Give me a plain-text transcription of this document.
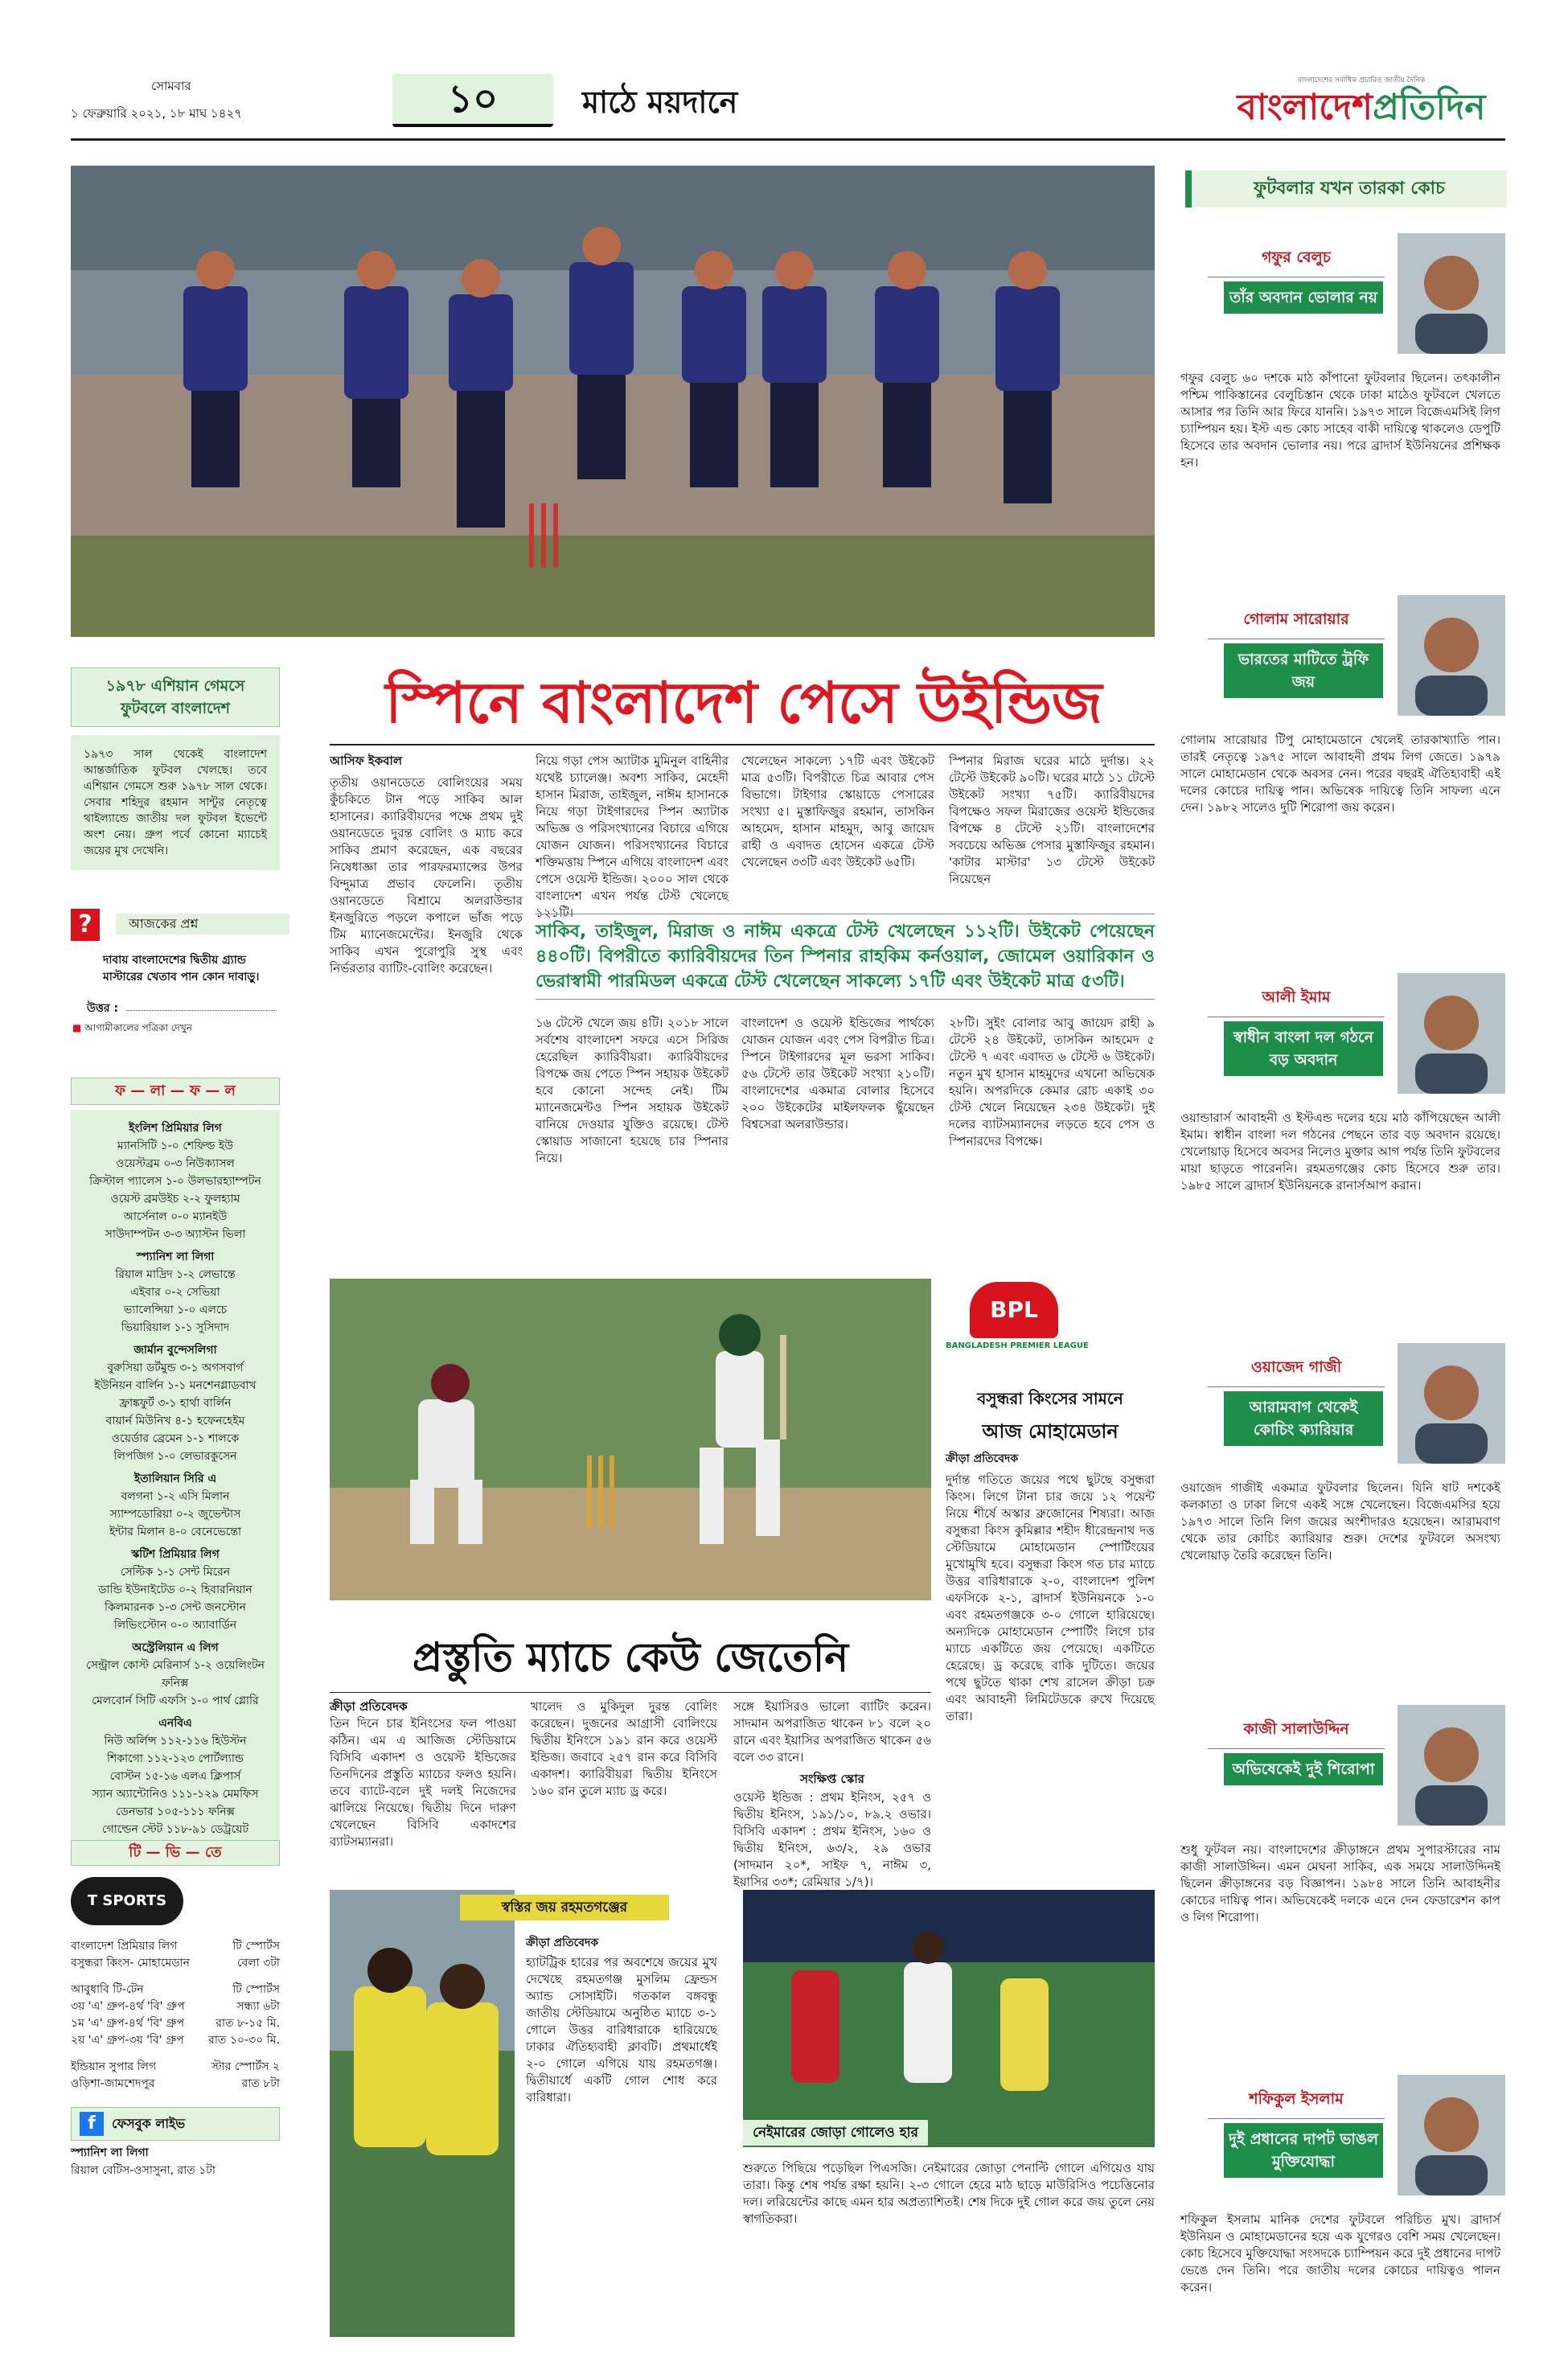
সোমবার
১ ফেব্রুয়ারি ২০২১, ১৮ মাঘ ১৪২৭	১০	মাঠে ময়দানে
বাংলাদেশের সর্বাধিক প্রচারিত জাতীয় দৈনিক
বাংলাদেশপ্রতিদিন
১৯৭৮ এশিয়ান গেমসে
ফুটবলে বাংলাদেশ
১৯৭৩ সাল থেকেই বাংলাদেশ আন্তর্জাতিক ফুটবল খেলছে। তবে এশিয়ান গেমসে শুরু ১৯৭৮ সাল থেকে। সেবার শহিদুর রহমান সান্টুর নেতৃত্বে থাইল্যান্ডে জাতীয় দল ফুটবল ইভেন্টে অংশ নেয়। গ্রুপ পর্বে কোনো ম্যাচেই জয়ের মুখ দেখেনি।
?	আজকের প্রশ্ন
দাবায় বাংলাদেশের দ্বিতীয় গ্র্যান্ড মাস্টারের খেতাব পান কোন দাবাড়ু।
উত্তর :
■ আগামীকালের পত্রিকা দেখুন
ফ — লা — ফ — ল
ইংলিশ প্রিমিয়ার লিগ
ম্যানসিটি ১-০ শেফিল্ড ইউ
ওয়েস্টব্রম ০-৩ নিউক্যাসল
ক্রিস্টাল প্যালেস ১-০ উলভারহ্যাম্পটন
ওয়েস্ট ব্রমউইচ ২-২ ফুলহ্যাম
আর্সেনাল ০-০ ম্যানইউ
সাউদাম্পটন ৩-৩ অ্যাস্টন ভিলা
স্প্যানিশ লা লিগা
রিয়াল মাদ্রিদ ১-২ লেভান্তে
এইবার ০-২ সেভিয়া
ভ্যালেন্সিয়া ১-০ এলচে
ভিয়ারিয়াল ১-১ সুসিদাদ
জার্মান বুন্দেসলিগা
বুরুসিয়া ডর্টমুন্ড ৩-১ অগসবার্গ
ইউনিয়ন বার্লিন ১-১ মনশেনগ্লাডবাখ
ফ্রাঙ্কফুর্ট ৩-১ হার্থা বার্লিন
বায়ার্ন মিউনিখ ৪-১ হফেনহেইম
ওয়ের্ডার ব্রেমেন ১-১ শালকে
লিপজিগ ১-০ লেভারকুসেন
ইতালিয়ান সিরি এ
বলগনা ১-২ এসি মিলান
স্যাম্পডোরিয়া ০-২ জুভেন্টাস
ইন্টার মিলান ৪-০ বেনেভেন্তো
স্কটিশ প্রিমিয়ার লিগ
সেল্টিক ১-১ সেন্ট মিরেন
ডান্ডি ইউনাইটেড ০-২ হিবারনিয়ান
কিলমারনক ১-৩ সেন্ট জনস্টোন
লিভিংস্টোন ০-০ অ্যাবার্ডিন
অস্ট্রেলিয়ান এ লিগ
সেন্ট্রাল কোস্ট মেরিনার্স ১-২ ওয়েলিংটন ফনিক্স
মেলবোর্ন সিটি এফসি ১-০ পার্থ গ্লোরি
এনবিএ
নিউ অর্লিন্স ১১২-১১৬ হিউস্টন
শিকাগো ১১২-১২৩ পোর্টল্যান্ড
বোস্টন ১৫-১৬ এলএ ক্লিপার্স
স্যান অ্যান্টোনিও ১১১-১২৯ মেমফিস
ডেনভার ১০৫-১১১ ফনিক্স
গোল্ডেন স্টেট ১১৮-৯১ ডেট্রয়েট
টি — ভি — তে
T SPORTS
বাংলাদেশ প্রিমিয়ার লিগ	টি স্পোর্টস
বসুন্ধরা কিংস- মোহামেডান	বেলা ৩টা
আবুধাবি টি-টেন	টি স্পোর্টস
৩য় 'এ' গ্রুপ-৪র্থ 'বি' গ্রুপ	সন্ধ্যা ৬টা
১ম 'এ' গ্রুপ-৪র্থ 'বি' গ্রুপ	রাত ৮-১৫ মি.
২য় 'এ' গ্রুপ-৩য় 'বি' গ্রুপ রাত ১০-৩০ মি.
ইন্ডিয়ান সুপার লিগ	স্টার স্পোর্টস ২
ওড়িশা-জামশেদপুর	রাত ৮টা
f	ফেসবুক লাইভ
স্প্যানিশ লা লিগা
রিয়াল বেটিস-ওসাসুনা, রাত ১টা
স্পিনে বাংলাদেশ পেসে উইন্ডিজ
আসিফ ইকবাল
তৃতীয় ওয়ানডেতে বোলিংয়ের সময় কুঁচকিতে টান পড়ে সাকিব আল হাসানের। ক্যারিবীয়দের পক্ষে প্রথম দুই ওয়ানডেতে দুরন্ত বোলিং ও ম্যাচ করে সাকিব প্রমাণ করেছেন, এক বছরের নিষেধাজ্ঞা তার পারফরম্যান্সের উপর বিন্দুমাত্র প্রভাব ফেলেনি। তৃতীয় ওয়ানডেতে বিশ্রামে অলরাউন্ডার ইনজুরিতে পড়লে কপালে ভাঁজ পড়ে টিম ম্যানেজমেন্টের। ইনজুরি থেকে সাকিব এখন পুরোপুরি সুস্থ এবং নির্ভরতার ব্যাটিং-বোলিং করেছেন।
নিয়ে গড়া পেস অ্যাটাক মুমিনুল বাহিনীর যথেষ্ট চ্যালেঞ্জ। অবশ্য সাকিব, মেহেদী হাসান মিরাজ, তাইজুল, নাঈম হাসানকে নিয়ে গড়া টাইগারদের স্পিন অ্যাটাক অভিজ্ঞ ও পরিসংখ্যানের বিচারে এগিয়ে যোজন যোজন। পরিসংখ্যানের বিচারে শক্তিমত্তায় স্পিনে এগিয়ে বাংলাদেশ এবং পেসে ওয়েস্ট ইন্ডিজ। ২০০০ সাল থেকে বাংলাদেশ এখন পর্যন্ত টেস্ট খেলেছে ১২১টি।
খেলেছেন সাকল্যে ১৭টি এবং উইকেট মাত্র ৫৩টি। বিপরীতে চিত্র আবার পেস বিভাগে। টাইগার স্কোয়াডে পেসারের সংখ্যা ৫। মুস্তাফিজুর রহমান, তাসকিন আহমেদ, হাসান মাহমুদ, আবু জায়েদ রাহী ও এবাদত হোসেন একত্রে টেস্ট খেলেছেন ৩৩টি এবং উইকেট ৬৫টি।
স্পিনার মিরাজ ঘরের মাঠে দুর্দান্ত। ২২ টেস্টে উইকেট ৯০টি। ঘরের মাঠে ১১ টেস্টে উইকেট সংখ্যা ৭৫টি। ক্যারিবীয়দের বিপক্ষেও সফল মিরাজের ওয়েস্ট ইন্ডিজের বিপক্ষে ৪ টেস্টে ২১টি। বাংলাদেশের সবচেয়ে অভিজ্ঞ পেসার মুস্তাফিজুর রহমান। 'কাটার মাস্টার' ১৩ টেস্টে উইকেট নিয়েছেন
সাকিব, তাইজুল, মিরাজ ও নাঈম একত্রে টেস্ট খেলেছেন ১১২টি। উইকেট পেয়েছেন ৪৪০টি। বিপরীতে ক্যারিবীয়দের তিন স্পিনার রাহকিম কর্নওয়াল, জোমেল ওয়ারিকান ও ভেরাস্বামী পারমিডল একত্রে টেস্ট খেলেছেন সাকল্যে ১৭টি এবং উইকেট মাত্র ৫৩টি।
১৬ টেস্টে খেলে জয় ৪টি। ২০১৮ সালে সর্বশেষ বাংলাদেশ সফরে এসে সিরিজ হেরেছিল ক্যারিবীয়রা। ক্যারিবীয়দের বিপক্ষে জয় পেতে স্পিন সহায়ক উইকেট হবে কোনো সন্দেহ নেই। টিম ম্যানেজমেন্টও স্পিন সহায়ক উইকেট বানিয়ে দেওয়ার যুক্তিও রয়েছে। টেস্ট স্কোয়াড সাজানো হয়েছে চার স্পিনার নিয়ে।
বাংলাদেশ ও ওয়েস্ট ইন্ডিজের পার্থক্যে যোজন যোজন এবং পেস বিপরীত চিত্র। স্পিনে টাইগারদের মূল ভরসা সাকিব। ৫৬ টেস্টে তার উইকেট সংখ্যা ২১০টি। বাংলাদেশের একমাত্র বোলার হিসেবে ২০০ উইকেটের মাইলফলক ছুঁয়েছেন বিশ্বসেরা অলরাউন্ডার।
২৮টি। সুইং বোলার আবু জায়েদ রাহী ৯ টেস্টে ২৪ উইকেট, তাসকিন আহমেদ ৫ টেস্টে ৭ এবং এবাদত ৬ টেস্টে ৬ উইকেট। নতুন মুখ হাসান মাহমুদের এখনো অভিষেক হয়নি। অপরদিকে কেমার রোচ একাই ৩০ টেস্ট খেলে নিয়েছেন ২৩৪ উইকেট। দুই দলের ব্যাটসম্যানদের লড়তে হবে পেস ও স্পিনারদের বিপক্ষে।
BPL
BANGLADESH PREMIER LEAGUE
বসুন্ধরা কিংসের সামনে
আজ মোহামেডান
ক্রীড়া প্রতিবেদক
দুর্দান্ত গতিতে জয়ের পথে ছুটছে বসুন্ধরা কিংস। লিগে টানা চার জয়ে ১২ পয়েন্ট নিয়ে শীর্ষে অস্কার ব্রুজোনের শিষ্যরা। আজ বসুন্ধরা কিংস কুমিল্লার শহীদ ধীরেন্দ্রনাথ দত্ত স্টেডিয়ামে মোহামেডান স্পোর্টিংয়ের মুখোমুখি হবে। বসুন্ধরা কিংস গত চার ম্যাচে উত্তর বারিধারাকে ২-০, বাংলাদেশ পুলিশ এফসিকে ২-১, ব্রাদার্স ইউনিয়নকে ১-০ এবং রহমতগঞ্জকে ৩-০ গোলে হারিয়েছে। অন্যদিকে মোহামেডান স্পোর্টিং লিগে চার ম্যাচে একটিতে জয় পেয়েছে। একটিতে হেরেছে। ড্র করেছে বাকি দুটিতে। জয়ের পথে ছুটতে থাকা শেখ রাসেল ক্রীড়া চক্র এবং আবাহনী লিমিটেডকে রুখে দিয়েছে তারা।
প্রস্তুতি ম্যাচে কেউ জেতেনি
ক্রীড়া প্রতিবেদক
তিন দিনে চার ইনিংসের ফল পাওয়া কঠিন। এম এ আজিজ স্টেডিয়ামে বিসিবি একাদশ ও ওয়েস্ট ইন্ডিজের তিনদিনের প্রস্তুতি ম্যাচের ফলও হয়নি। তবে ব্যাটে-বলে দুই দলই নিজেদের ঝালিয়ে নিয়েছে। দ্বিতীয় দিনে দারুণ খেলেছেন বিসিবি একাদশের ব্যাটসম্যানরা।
খালেদ ও মুকিদুল দুরন্ত বোলিং করেছেন। দুজনের আগ্রাসী বোলিংয়ে দ্বিতীয় ইনিংসে ১৯১ রান করে ওয়েস্ট ইন্ডিজ। জবাবে ২৫৭ রান করে বিসিবি একাদশ। ক্যারিবীয়রা দ্বিতীয় ইনিংসে ১৬০ রান তুলে ম্যাচ ড্র করে।
সঙ্গে ইয়াসিরও ভালো ব্যাটিং করেন। সাদমান অপরাজিত থাকেন ৮১ বলে ২০ রানে এবং ইয়াসির অপরাজিত থাকেন ৫৬ বলে ৩৩ রানে।
সংক্ষিপ্ত স্কোর
ওয়েস্ট ইন্ডিজ : প্রথম ইনিংস, ২৫৭ ও দ্বিতীয় ইনিংস, ১৯১/১০, ৮৯.২ ওভার। বিসিবি একাদশ : প্রথম ইনিংস, ১৬০ ও দ্বিতীয় ইনিংস, ৬৩/২, ২৯ ওভার (সাদমান ২০*, সাইফ ৭, নাঈম ৩, ইয়াসির ৩৩*; রেমিয়ার ১/৭)।
স্বস্তির জয় রহমতগঞ্জের
ক্রীড়া প্রতিবেদক
হ্যাটট্রিক হারের পর অবশেষে জয়ের মুখ দেখেছে রহমতগঞ্জ মুসলিম ফ্রেন্ডস অ্যান্ড সোসাইটি। গতকাল বঙ্গবন্ধু জাতীয় স্টেডিয়ামে অনুষ্ঠিত ম্যাচে ৩-১ গোলে উত্তর বারিধারাকে হারিয়েছে ঢাকার ঐতিহ্যবাহী ক্লাবটি। প্রথমার্ধেই ২-০ গোলে এগিয়ে যায় রহমতগঞ্জ। দ্বিতীয়ার্ধে একটি গোল শোধ করে বারিধারা।
নেইমারের জোড়া গোলেও হার
শুরুতে পিছিয়ে পড়েছিল পিএসজি। নেইমারের জোড়া পেনাল্টি গোলে এগিয়েও যায় তারা। কিন্তু শেষ পর্যন্ত রক্ষা হয়নি। ২-৩ গোলে হেরে মাঠ ছাড়ে মাউরিসিও পচেত্তিনোর দল। লরিয়েন্টের কাছে এমন হার অপ্রত্যাশিতই। শেষ দিকে দুই গোল করে জয় তুলে নেয় স্বাগতিকরা।
ফুটবলার যখন তারকা কোচ
গফুর বেলুচ
তাঁর অবদান ভোলার নয়
গফুর বেলুচ ৬০ দশকে মাঠ কাঁপানো ফুটবলার ছিলেন। তৎকালীন পশ্চিম পাকিস্তানের বেলুচিস্তান থেকে ঢাকা মাঠেও ফুটবলে খেলতে আসার পর তিনি আর ফিরে যাননি। ১৯৭৩ সালে বিজেএমসিই লিগ চ্যাম্পিয়ন হয়। ইস্ট এন্ড কোচ সাহেব বাকী দায়িত্বে থাকলেও ডেপুটি হিসেবে তার অবদান ভোলার নয়। পরে ব্রাদার্স ইউনিয়নের প্রশিক্ষক হন।
গোলাম সারোয়ার
ভারতের মাটিতে ট্রফি জয়
গোলাম সারোয়ার টিপু মোহামেডানে খেলেই তারকাখ্যাতি পান। তারই নেতৃত্বে ১৯৭৫ সালে আবাহনী প্রথম লিগ জেতে। ১৯৭৯ সালে মোহামেডান থেকে অবসর নেন। পরের বছরই ঐতিহ্যবাহী এই দলের কোচের দায়িত্ব পান। অভিষেক দায়িত্বে তিনি সাফল্য এনে দেন। ১৯৮২ সালেও দুটি শিরোপা জয় করেন।
আলী ইমাম
স্বাধীন বাংলা দল গঠনে বড় অবদান
ওয়ান্ডারার্স আবাহনী ও ইস্টএন্ড দলের হয়ে মাঠ কাঁপিয়েছেন আলী ইমাম। স্বাধীন বাংলা দল গঠনের পেছনে তার বড় অবদান রয়েছে। খেলোয়াড় হিসেবে অবসর নিলেও মুক্তার আগ পর্যন্ত তিনি ফুটবলের মায়া ছাড়তে পারেননি। রহমতগঞ্জের কোচ হিসেবে শুরু তার। ১৯৮৫ সালে ব্রাদার্স ইউনিয়নকে রানার্সআপ করান।
ওয়াজেদ গাজী
আরামবাগ থেকেই কোচিং ক্যারিয়ার
ওয়াজেদ গাজীই একমাত্র ফুটবলার ছিলেন। যিনি ষাট দশকেই কলকাতা ও ঢাকা লিগে একই সঙ্গে খেলেছেন। বিজেএমসির হয়ে ১৯৭৩ সালে তিনি লিগ জয়ের অংশীদারও হয়েছেন। আরামবাগ থেকে তার কোচিং ক্যারিয়ার শুরু। দেশের ফুটবলে অসংখ্য খেলোয়াড় তৈরি করেছেন তিনি।
কাজী সালাউদ্দিন
অভিষেকেই দুই শিরোপা
শুধু ফুটবল নয়। বাংলাদেশের ক্রীড়াঙ্গনে প্রথম সুপারস্টারের নাম কাজী সালাউদ্দিন। এমন মেঘনা সাকিব, এক সময়ে সালাউদ্দিনই ছিলেন ক্রীড়াঙ্গনের বড় বিজ্ঞাপন। ১৯৮৪ সালে তিনি আবাহনীর কোচের দায়িত্ব পান। অভিষেকেই দলকে এনে দেন ফেডারেশন কাপ ও লিগ শিরোপা।
শফিকুল ইসলাম
দুই প্রধানের দাপট ভাঙল মুক্তিযোদ্ধা
শফিকুল ইসলাম মানিক দেশের ফুটবলে পরিচিত মুখ। ব্রাদার্স ইউনিয়ন ও মোহামেডানের হয়ে এক যুগেরও বেশি সময় খেলেছেন। কোচ হিসেবে মুক্তিযোদ্ধা সংসদকে চ্যাম্পিয়ন করে দুই প্রধানের দাপট ভেঙে দেন তিনি। পরে জাতীয় দলের কোচের দায়িত্বও পালন করেন।
